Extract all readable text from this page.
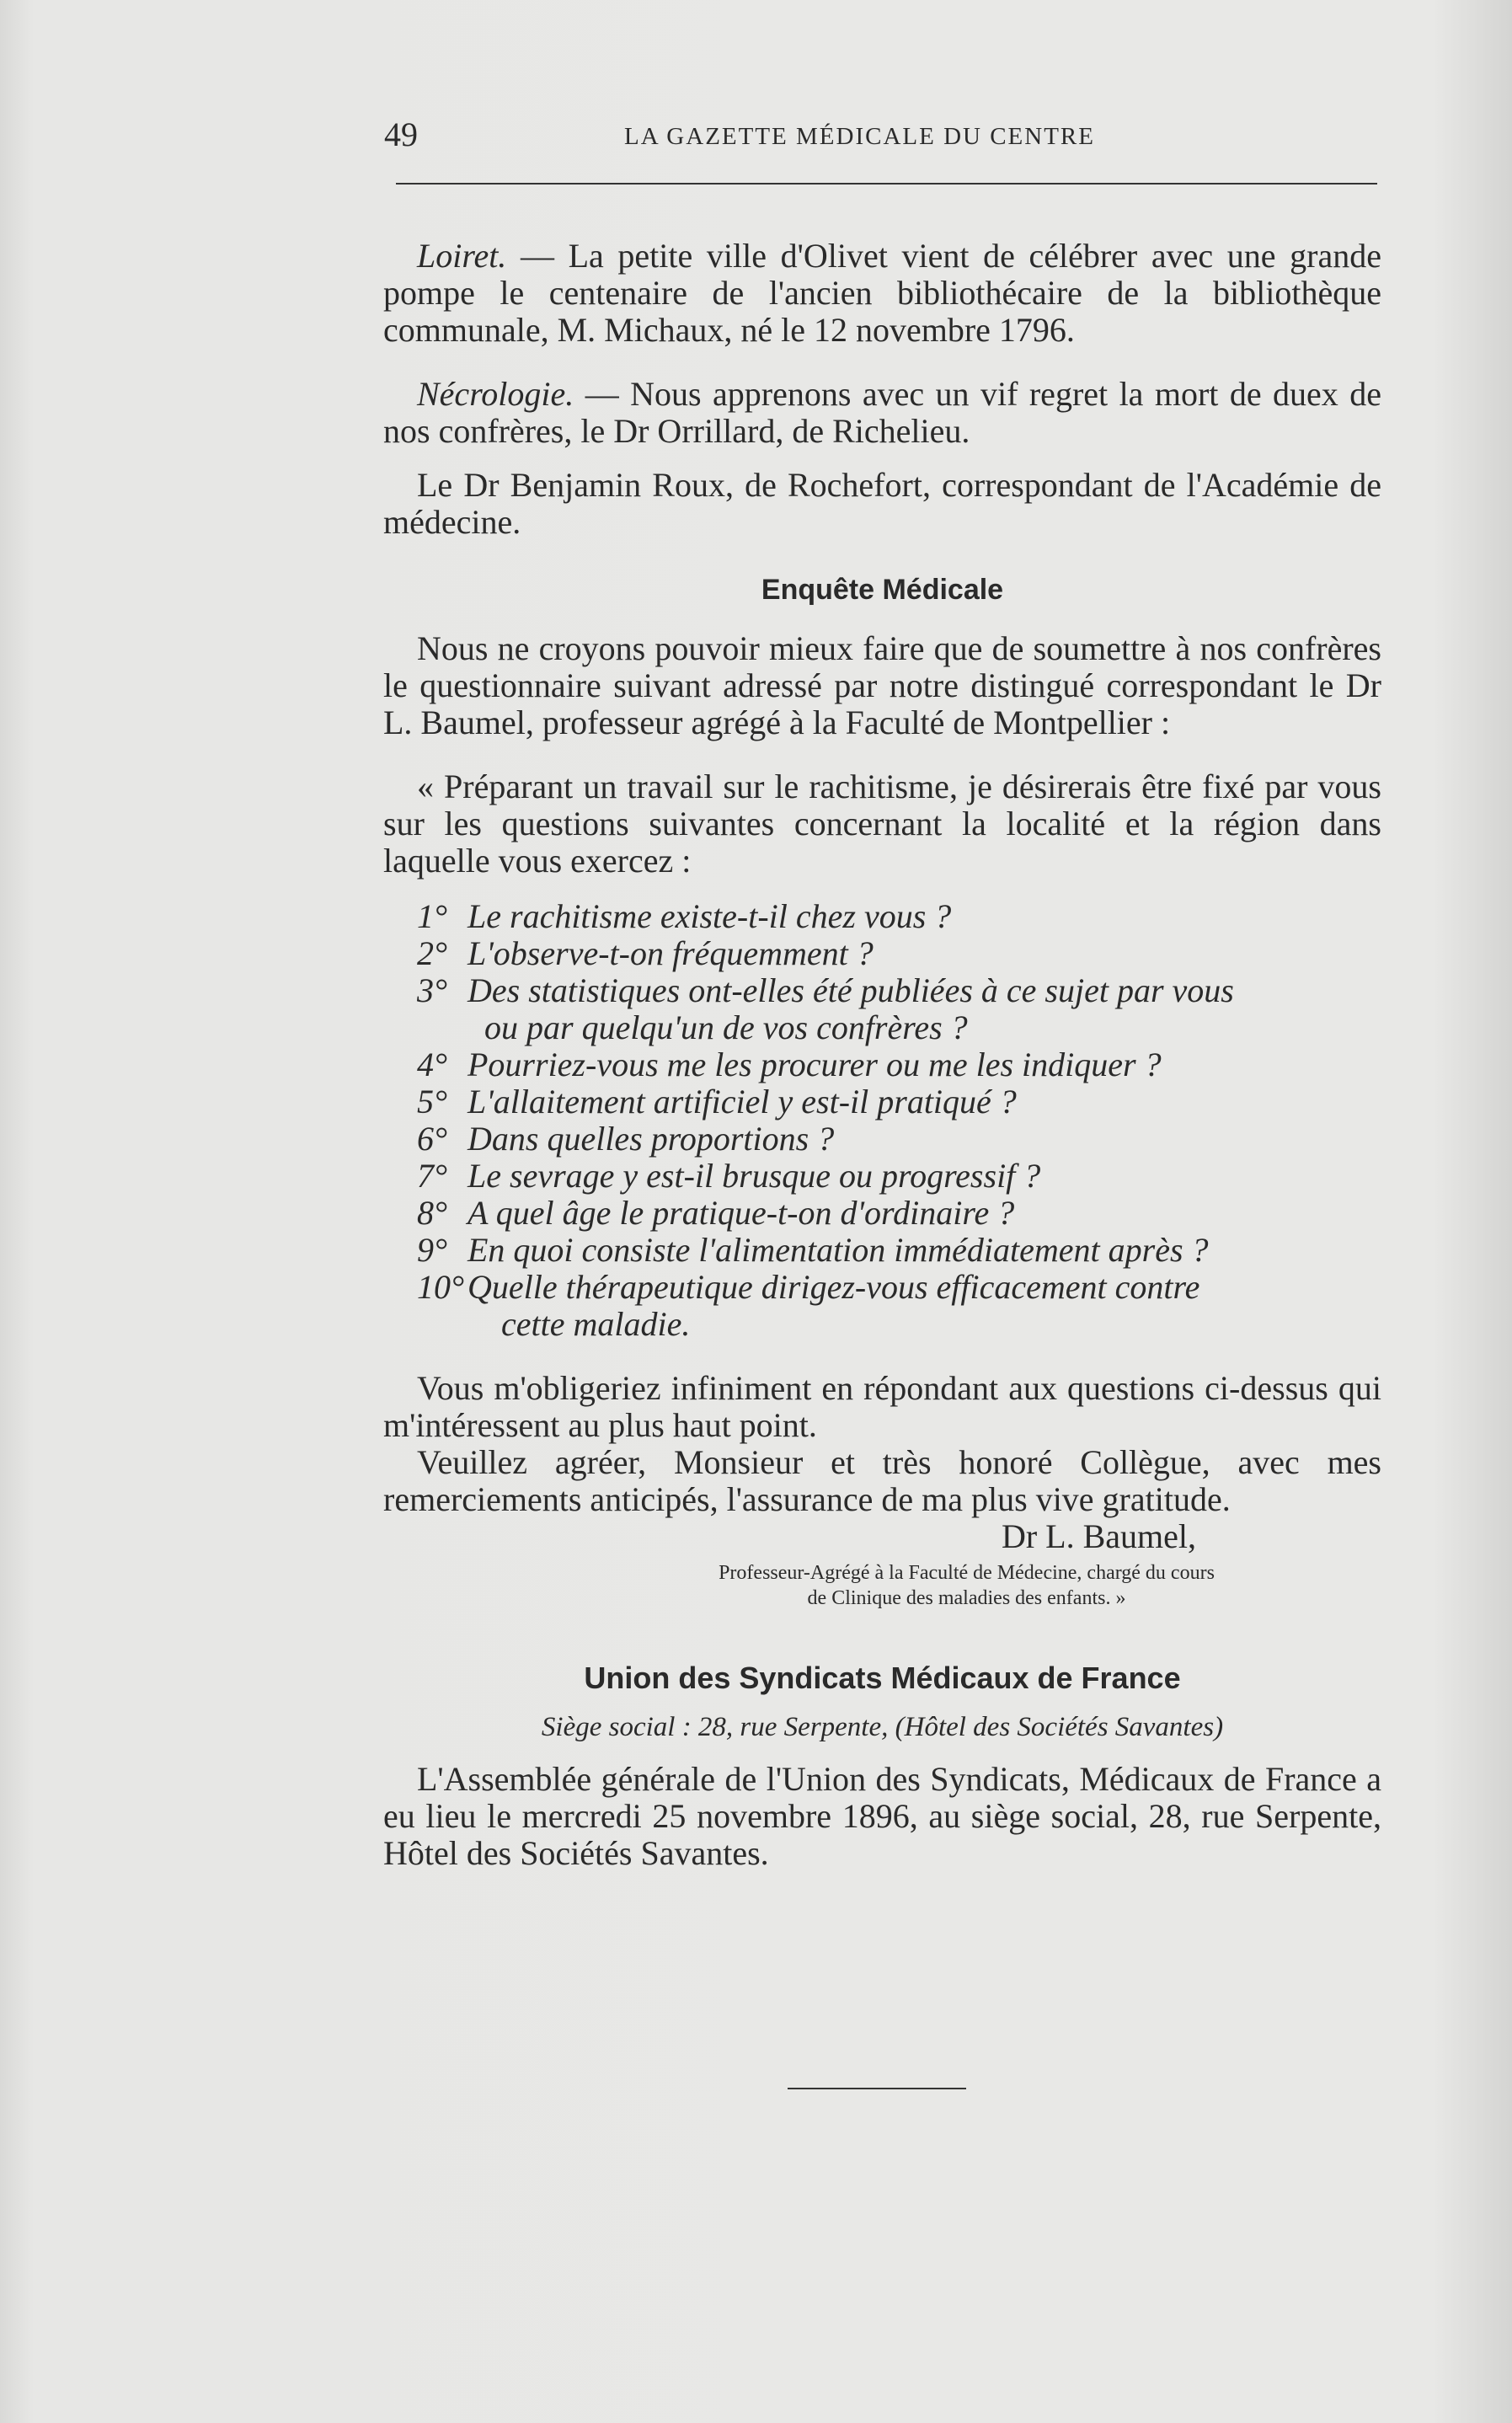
49	LA GAZETTE MÉDICALE DU CENTRE

Loiret. — La petite ville d'Olivet vient de célébrer avec une grande pompe le centenaire de l'ancien bibliothécaire de la bibliothèque communale, M. Michaux, né le 12 novembre 1796.

Nécrologie. — Nous apprenons avec un vif regret la mort de duex de nos confrères, le Dr Orrillard, de Richelieu.

Le Dr Benjamin Roux, de Rochefort, correspondant de l'Académie de médecine.

Enquête Médicale

Nous ne croyons pouvoir mieux faire que de soumettre à nos confrères le questionnaire suivant adressé par notre distingué correspondant le Dr L. Baumel, professeur agrégé à la Faculté de Montpellier :

« Préparant un travail sur le rachitisme, je désirerais être fixé par vous sur les questions suivantes concernant la localité et la région dans laquelle vous exercez :

1° Le rachitisme existe-t-il chez vous ?
2° L'observe-t-on fréquemment ?
3° Des statistiques ont-elles été publiées à ce sujet par vous
ou par quelqu'un de vos confrères ?
4° Pourriez-vous me les procurer ou me les indiquer ?
5° L'allaitement artificiel y est-il pratiqué ?
6° Dans quelles proportions ?
7° Le sevrage y est-il brusque ou progressif ?
8° A quel âge le pratique-t-on d'ordinaire ?
9° En quoi consiste l'alimentation immédiatement après ?
10° Quelle thérapeutique dirigez-vous efficacement contre
cette maladie.

Vous m'obligeriez infiniment en répondant aux questions ci-dessus qui m'intéressent au plus haut point.

Veuillez agréer, Monsieur et très honoré Collègue, avec mes remerciements anticipés, l'assurance de ma plus vive gratitude.

Dr L. Baumel,

Professeur-Agrégé à la Faculté de Médecine, chargé du cours
de Clinique des maladies des enfants. »
Union des Syndicats Médicaux de France
Siège social : 28, rue Serpente, (Hôtel des Sociétés Savantes)

L'Assemblée générale de l'Union des Syndicats, Médicaux de France a eu lieu le mercredi 25 novembre 1896, au siège social, 28, rue Serpente, Hôtel des Sociétés Savantes.
